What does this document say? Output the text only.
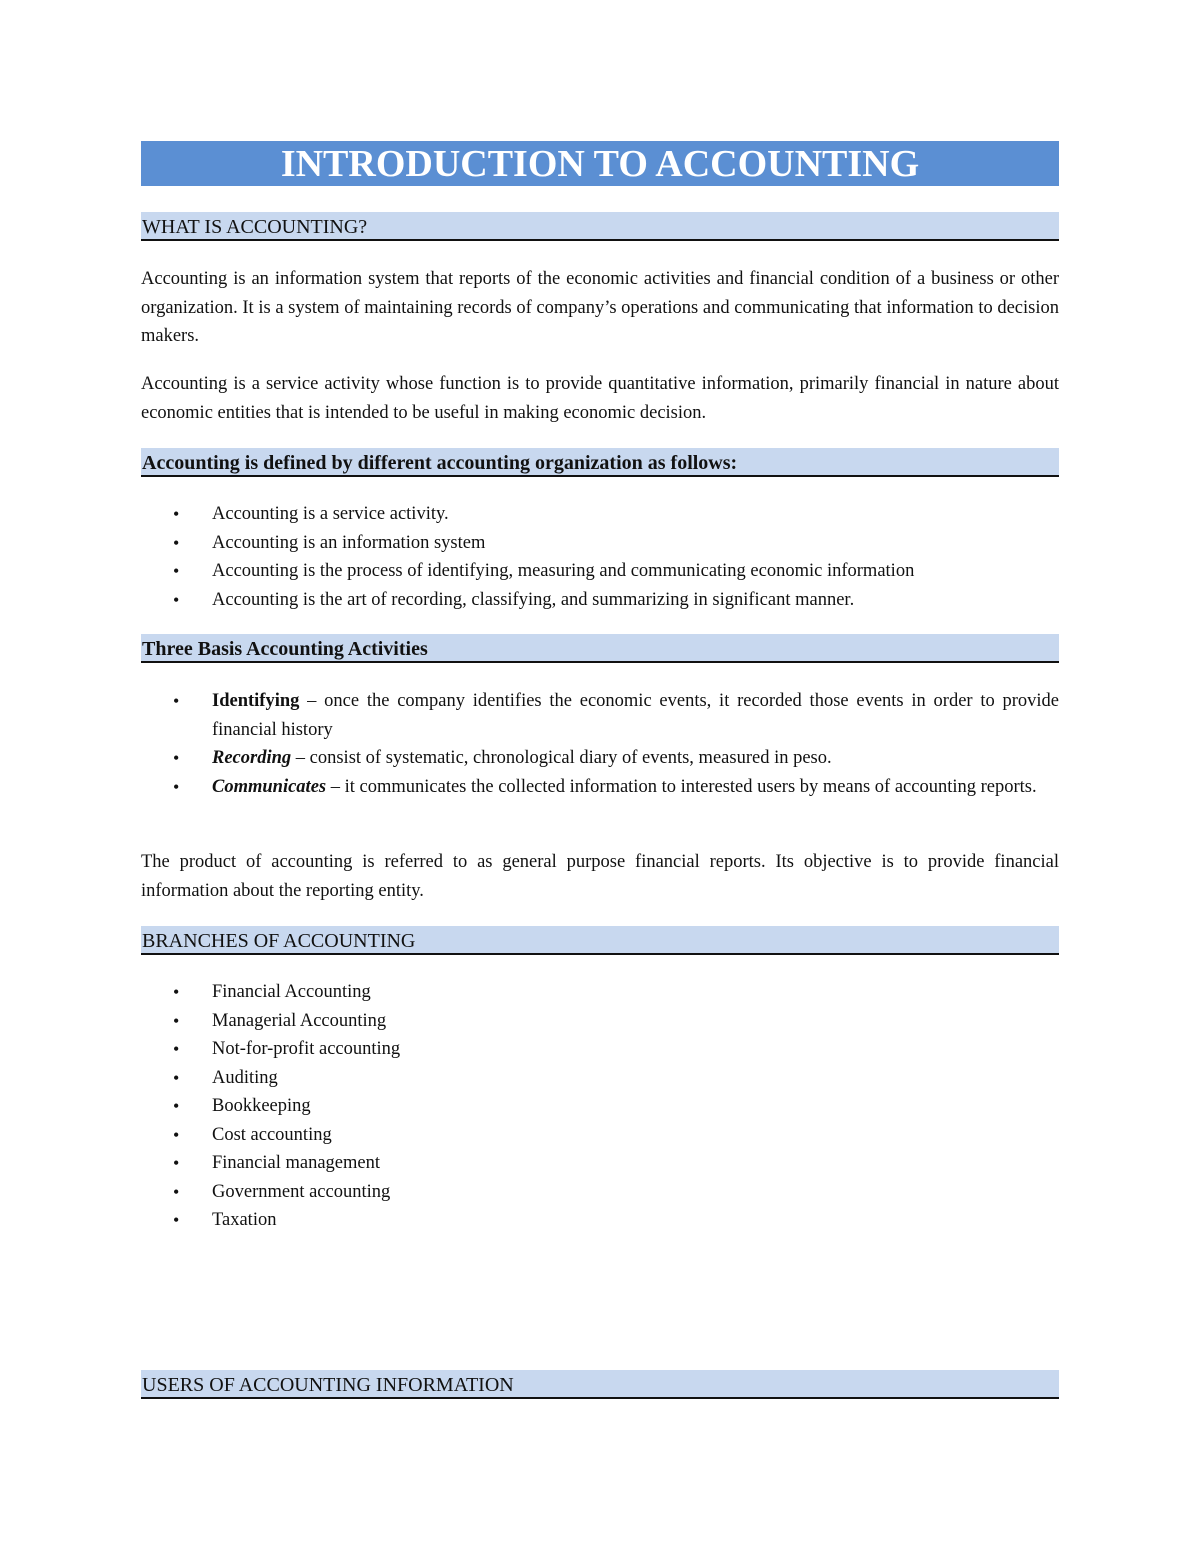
INTRODUCTION TO ACCOUNTING
WHAT IS ACCOUNTING?

Accounting is an information system that reports of the economic activities and financial condition of a business or other organization. It is a system of maintaining records of company’s operations and communicating that information to decision makers.

Accounting is a service activity whose function is to provide quantitative information, primarily financial in nature about economic entities that is intended to be useful in making economic decision.

Accounting is defined by different accounting organization as follows:
• Accounting is a service activity.
• Accounting is an information system
• Accounting is the process of identifying, measuring and communicating economic information
• Accounting is the art of recording, classifying, and summarizing in significant manner.
Three Basis Accounting Activities
• Identifying – once the company identifies the economic events, it recorded those events in order to provide financial history
• Recording – consist of systematic, chronological diary of events, measured in peso.
• Communicates – it communicates the collected information to interested users by means of accounting reports.

The product of accounting is referred to as general purpose financial reports. Its objective is to provide financial information about the reporting entity.

BRANCHES OF ACCOUNTING
• Financial Accounting
• Managerial Accounting
• Not-for-profit accounting
• Auditing
• Bookkeeping
• Cost accounting
• Financial management
• Government accounting
• Taxation
USERS OF ACCOUNTING INFORMATION
